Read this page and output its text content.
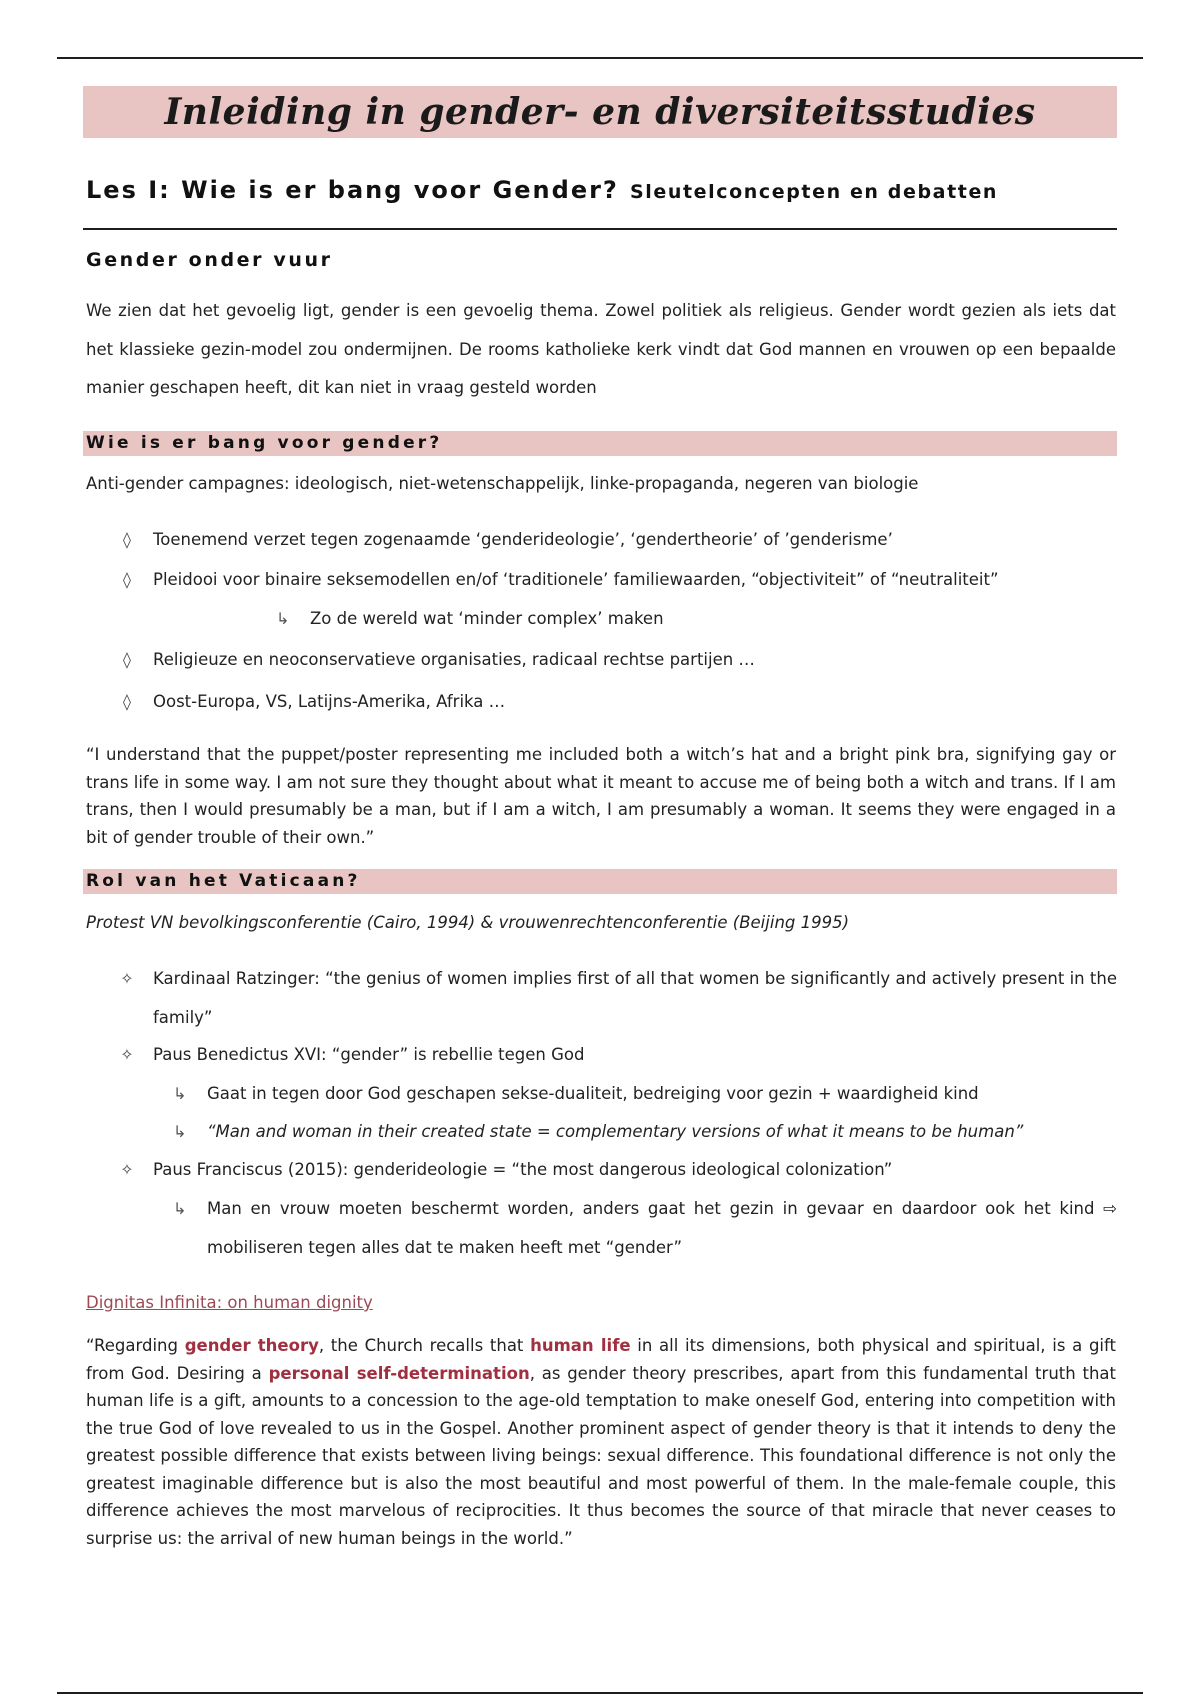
Inleiding in gender- en diversiteitsstudies
Les I: Wie is er bang voor Gender? Sleutelconcepten en debatten
Gender onder vuur
We zien dat het gevoelig ligt, gender is een gevoelig thema. Zowel politiek als religieus. Gender wordt gezien als iets dat het klassieke gezin-model zou ondermijnen. De rooms katholieke kerk vindt dat God mannen en vrouwen op een bepaalde manier geschapen heeft, dit kan niet in vraag gesteld worden
Wie is er bang voor gender?
Anti-gender campagnes: ideologisch, niet-wetenschappelijk, linke-propaganda, negeren van biologie
◊	Toenemend verzet tegen zogenaamde ‘genderideologie’, ‘gendertheorie’ of ’genderisme’
◊	Pleidooi voor binaire seksemodellen en/of ‘traditionele’ familiewaarden, “objectiviteit” of “neutraliteit”
↳ Zo de wereld wat ‘minder complex’ maken
◊	Religieuze en neoconservatieve organisaties, radicaal rechtse partijen …
◊	Oost-Europa, VS, Latijns-Amerika, Afrika …
“I understand that the puppet/poster representing me included both a witch’s hat and a bright pink bra, signifying gay or trans life in some way. I am not sure they thought about what it meant to accuse me of being both a witch and trans. If I am trans, then I would presumably be a man, but if I am a witch, I am presumably a woman. It seems they were engaged in a bit of gender trouble of their own.”
Rol van het Vaticaan?
Protest VN bevolkingsconferentie (Cairo, 1994) & vrouwenrechtenconferentie (Beijing 1995)
✧ Kardinaal Ratzinger: “the genius of women implies first of all that women be significantly and actively present in the family”
✧ Paus Benedictus XVI: “gender” is rebellie tegen God
↳ Gaat in tegen door God geschapen sekse-dualiteit, bedreiging voor gezin + waardigheid kind
↳ “Man and woman in their created state = complementary versions of what it means to be human”
✧ Paus Franciscus (2015): genderideologie = “the most dangerous ideological colonization”
↳ Man en vrouw moeten beschermt worden, anders gaat het gezin in gevaar en daardoor ook het kind ⇨ mobiliseren tegen alles dat te maken heeft met “gender”
Dignitas Infinita: on human dignity
“Regarding gender theory, the Church recalls that human life in all its dimensions, both physical and spiritual, is a gift from God. Desiring a personal self-determination, as gender theory prescribes, apart from this fundamental truth that human life is a gift, amounts to a concession to the age-old temptation to make oneself God, entering into competition with the true God of love revealed to us in the Gospel. Another prominent aspect of gender theory is that it intends to deny the greatest possible difference that exists between living beings: sexual difference. This foundational difference is not only the greatest imaginable difference but is also the most beautiful and most powerful of them. In the male-female couple, this difference achieves the most marvelous of reciprocities. It thus becomes the source of that miracle that never ceases to surprise us: the arrival of new human beings in the world.”
